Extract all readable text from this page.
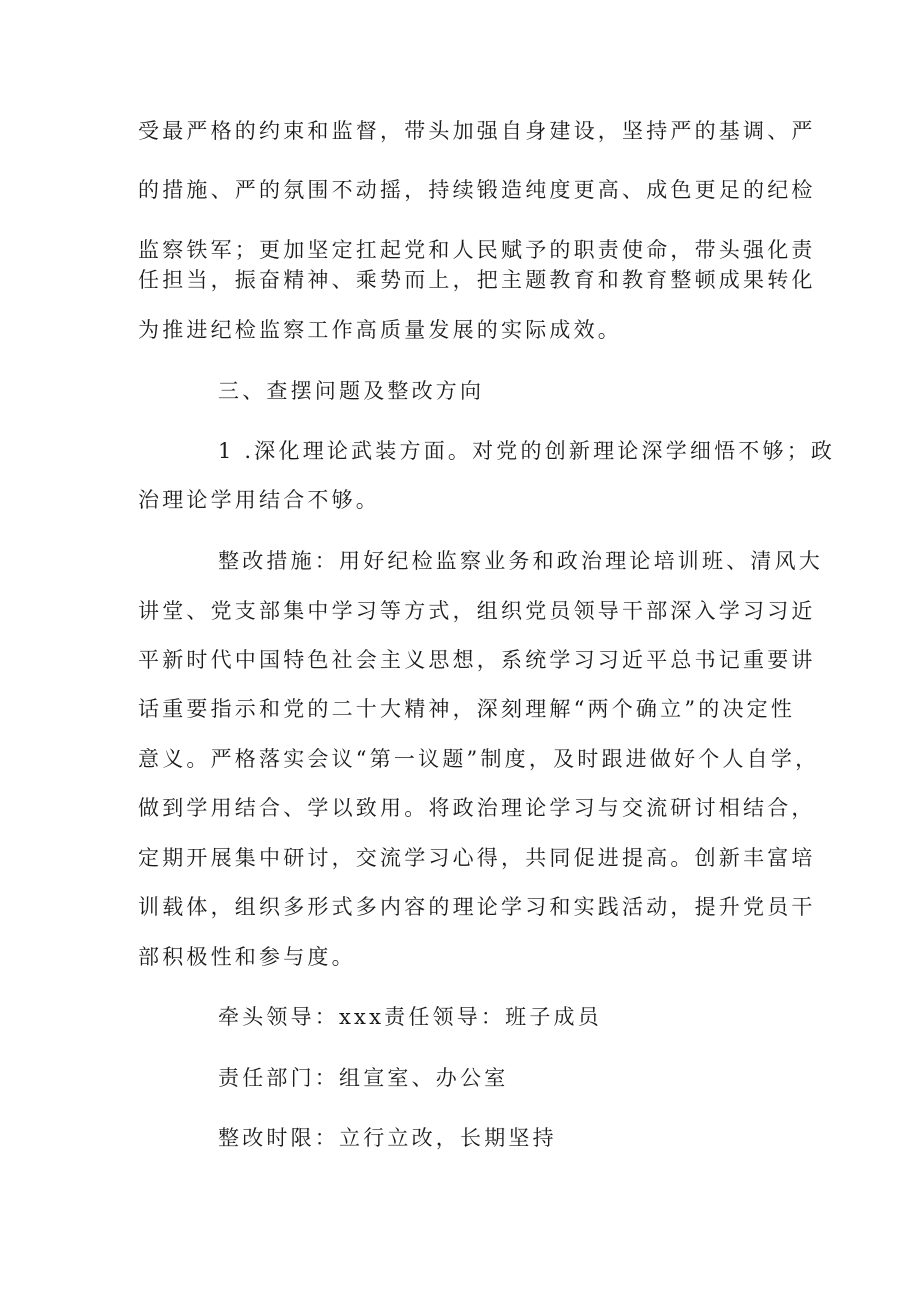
受最严格的约束和监督，带头加强自身建设，坚持严的基调、严
的措施、严的氛围不动摇，持续锻造纯度更高、成色更足的纪检
监察铁军；更加坚定扛起党和人民赋予的职责使命，带头强化责
任担当，振奋精神、乘势而上，把主题教育和教育整顿成果转化
为推进纪检监察工作高质量发展的实际成效。
三、查摆问题及整改方向
1 .深化理论武装方面。对党的创新理论深学细悟不够；政
治理论学用结合不够。
整改措施：用好纪检监察业务和政治理论培训班、清风大
讲堂、党支部集中学习等方式，组织党员领导干部深入学习习近
平新时代中国特色社会主义思想，系统学习习近平总书记重要讲
话重要指示和党的二十大精神，深刻理解“两个确立”的决定性
意义。严格落实会议“第一议题”制度，及时跟进做好个人自学，
做到学用结合、学以致用。将政治理论学习与交流研讨相结合，
定期开展集中研讨，交流学习心得，共同促进提高。创新丰富培
训载体，组织多形式多内容的理论学习和实践活动，提升党员干
部积极性和参与度。
牵头领导：xxx责任领导：班子成员
责任部门：组宣室、办公室
整改时限：立行立改，长期坚持
